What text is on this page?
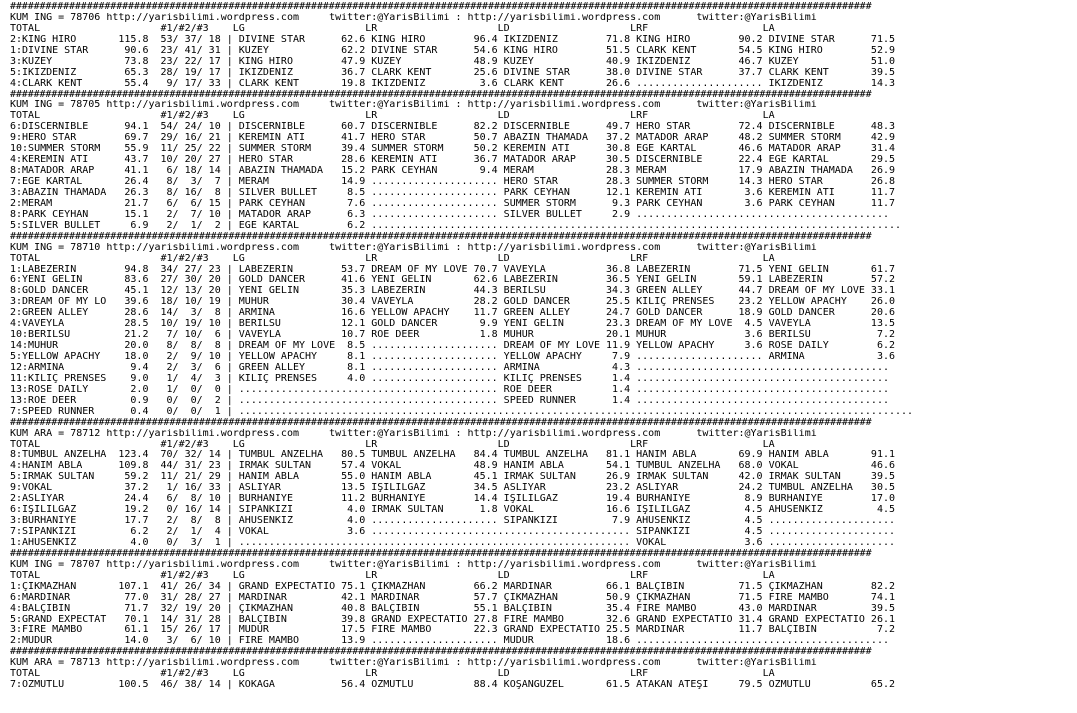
##################################################################################################################################################
KUM ING = 78706 http://yarisbilimi.wordpress.com     twitter:@YarisBilimi : http://yarisbilimi.wordpress.com      twitter:@YarisBilimi
TOTAL                    #1/#2/#3    LG                    LR                    LD                    LRF                   LA
2:KING HIRO       115.8  53/ 37/ 18 | DIVINE STAR      62.6 KING HIRO        96.4 İKİZDENİZ        71.8 KING HIRO        90.2 DIVINE STAR      71.5
1:DIVINE STAR      90.6  23/ 41/ 31 | KUZEY            62.2 DIVINE STAR      54.6 KING HIRO        51.5 CLARK KENT       54.5 KING HIRO        52.9
3:KUZEY            73.8  23/ 22/ 17 | KING HIRO        47.9 KUZEY            48.9 KUZEY            40.9 İKİZDENİZ        46.7 KUZEY            51.0
5:İKİZDENİZ        65.3  28/ 19/ 17 | İKİZDENİZ        36.7 CLARK KENT       25.6 DIVINE STAR      38.0 DIVINE STAR      37.7 CLARK KENT       39.5
4:CLARK KENT       55.4   9/ 17/ 33 | CLARK KENT       19.8 İKİZDENİZ         3.6 CLARK KENT       26.6 ..................... İKİZDENİZ        14.3
##################################################################################################################################################
KUM ING = 78705 http://yarisbilimi.wordpress.com     twitter:@YarisBilimi : http://yarisbilimi.wordpress.com      twitter:@YarisBilimi
TOTAL                    #1/#2/#3    LG                    LR                    LD                    LRF                   LA
6:DISCERNIBLE      94.1  54/ 24/ 10 | DISCERNIBLE      60.7 DISCERNIBLE      82.2 DISCERNIBLE      49.7 HERO STAR        72.4 DISCERNIBLE      48.3
9:HERO STAR        69.7  29/ 16/ 21 | KEREMİN ATI      41.7 HERO STAR        50.7 ABAZIN THAMADA   37.2 MATADOR ARAP     48.2 SUMMER STORM     42.9
10:SUMMER STORM    55.9  11/ 25/ 22 | SUMMER STORM     39.4 SUMMER STORM     50.2 KEREMİN ATI      30.8 EGE KARTAL       46.6 MATADOR ARAP     31.4
4:KEREMİN ATI      43.7  10/ 20/ 27 | HERO STAR        28.6 KEREMİN ATI      36.7 MATADOR ARAP     30.5 DISCERNIBLE      22.4 EGE KARTAL       29.5
8:MATADOR ARAP     41.1   6/ 18/ 14 | ABAZIN THAMADA   15.2 PARK CEYHAN       9.4 MERAM            28.3 MERAM            17.9 ABAZIN THAMADA   26.9
7:EGE KARTAL       26.4   8/  3/  7 | MERAM            14.9 ..................... HERO STAR        28.3 SUMMER STORM     14.3 HERO STAR        26.8
3:ABAZIN THAMADA   26.3   8/ 16/  8 | SILVER BULLET     8.5 ..................... PARK CEYHAN      12.1 KEREMİN ATI       3.6 KEREMİN ATI      11.7
2:MERAM            21.7   6/  6/ 15 | PARK CEYHAN       7.6 ..................... SUMMER STORM      9.3 PARK CEYHAN       3.6 PARK CEYHAN      11.7
8:PARK CEYHAN      15.1   2/  7/ 10 | MATADOR ARAP      6.3 ..................... SILVER BULLET     2.9 ..........................................
5:SILVER BULLET     6.9   2/  1/  2 | EGE KARTAL        6.2 ........................................................................................
##################################################################################################################################################
KUM ING = 78710 http://yarisbilimi.wordpress.com     twitter:@YarisBilimi : http://yarisbilimi.wordpress.com      twitter:@YarisBilimi
TOTAL                    #1/#2/#3    LG                    LR                    LD                    LRF                   LA
1:LABEZERIN        94.8  34/ 27/ 23 | LABEZERIN        53.7 DREAM OF MY LOVE 70.7 VAVEYLA          36.8 LABEZERIN        71.5 YENİ GELİN       61.7
6:YENİ GELİN       83.6  27/ 30/ 20 | GOLD DANCER      41.6 YENİ GELİN       62.6 LABEZERIN        36.5 YENİ GELİN       59.1 LABEZERIN        57.2
8:GOLD DANCER      45.1  12/ 13/ 20 | YENİ GELİN       35.3 LABEZERIN        44.3 BERİLSU          34.3 GREEN ALLEY      44.7 DREAM OF MY LOVE 33.1
3:DREAM OF MY LO   39.6  18/ 10/ 19 | MÜHÜR            30.4 VAVEYLA          28.2 GOLD DANCER      25.5 KILIÇ PRENSES    23.2 YELLOW APACHY    26.0
2:GREEN ALLEY      28.6  14/  3/  8 | ARMINA           16.6 YELLOW APACHY    11.7 GREEN ALLEY      24.7 GOLD DANCER      18.9 GOLD DANCER      20.6
4:VAVEYLA          28.5  10/ 19/ 10 | BERİLSU          12.1 GOLD DANCER       9.9 YENİ GELİN       23.3 DREAM OF MY LOVE  4.5 VAVEYLA          13.5
10:BERİLSU         21.2   7/ 10/  6 | VAVEYLA          10.7 ROE DEER          1.8 MÜHÜR            20.1 MÜHÜR             3.6 BERİLSU           7.2
14:MÜHÜR           20.0   8/  8/  8 | DREAM OF MY LOVE  8.5 ..................... DREAM OF MY LOVE 11.9 YELLOW APACHY     3.6 ROSE DAILY        6.2
5:YELLOW APACHY    18.0   2/  9/ 10 | YELLOW APACHY     8.1 ..................... YELLOW APACHY     7.9 ..................... ARMINA            3.6
12:ARMINA           9.4   2/  3/  6 | GREEN ALLEY       8.1 ..................... ARMINA            4.3 ..........................................
11:KILIÇ PRENSES    9.0   1/  4/  3 | KILIÇ PRENSES     4.0 ..................... KILIÇ PRENSES     1.4 ..........................................
13:ROSE DAILY       2.0   1/  0/  0 | ........................................... ROE DEER          1.4 ..........................................
13:ROE DEER         0.9   0/  0/  2 | ........................................... SPEED RUNNER      1.4 ..........................................
7:SPEED RUNNER      0.4   0/  0/  1 | ................................................................................................................
##################################################################################################################################################
KUM ARA = 78712 http://yarisbilimi.wordpress.com     twitter:@YarisBilimi : http://yarisbilimi.wordpress.com      twitter:@YarisBilimi
TOTAL                    #1/#2/#3    LG                    LR                    LD                    LRF                   LA
8:TUMBUL ANZELHA  123.4  70/ 32/ 14 | TUMBUL ANZELHA   80.5 TUMBUL ANZELHA   84.4 TUMBUL ANZELHA   81.1 HANIM ABLA       69.9 HANIM ABLA       91.1
4:HANIM ABLA      109.8  44/ 31/ 23 | IRMAK SULTAN     57.4 VOKAL            48.9 HANIM ABLA       54.1 TUMBUL ANZELHA   68.0 VOKAL            46.6
5:IRMAK SULTAN     59.2  11/ 21/ 29 | HANIM ABLA       55.0 HANIM ABLA       45.1 IRMAK SULTAN     26.9 IRMAK SULTAN     42.0 IRMAK SULTAN     39.5
9:VOKAL            37.2   1/ 16/ 33 | ASLIYAR          13.5 IŞILILGAZ        34.5 ASLIYAR          23.2 ASLIYAR          24.2 TUMBUL ANZELHA   30.5
2:ASLIYAR          24.4   6/  8/ 10 | BURHANİYE        11.2 BURHANİYE        14.4 IŞILILGAZ        19.4 BURHANİYE         8.9 BURHANİYE        17.0
6:IŞILILGAZ        19.2   0/ 16/ 14 | SİPANKIZI         4.0 IRMAK SULTAN      1.8 VOKAL            16.6 IŞILILGAZ         4.5 AHUSENKIZ         4.5
3:BURHANİYE        17.7   2/  8/  8 | AHUSENKIZ         4.0 ..................... SİPANKIZI         7.9 AHUSENKIZ         4.5 .....................
7:SİPANKIZI         6.2   2/  1/  4 | VOKAL             3.6 ........................................... SİPANKIZI         4.5 .....................
1:AHUSENKIZ         4.0   0/  3/  1 | ................................................................. VOKAL             3.6 .....................
##################################################################################################################################################
KUM ING = 78707 http://yarisbilimi.wordpress.com     twitter:@YarisBilimi : http://yarisbilimi.wordpress.com      twitter:@YarisBilimi
TOTAL                    #1/#2/#3    LG                    LR                    LD                    LRF                   LA
1:ÇIKMAZHAN       107.1  41/ 26/ 34 | GRAND EXPECTATIO 75.1 ÇIKMAZHAN        66.2 MARDINAR         66.1 BALÇIBİN         71.5 ÇIKMAZHAN        82.2
6:MARDINAR         77.0  31/ 28/ 27 | MARDINAR         42.1 MARDINAR         57.7 ÇIKMAZHAN        50.9 ÇIKMAZHAN        71.5 FIRE MAMBO       74.1
4:BALÇIBİN         71.7  32/ 19/ 20 | ÇIKMAZHAN        40.8 BALÇIBİN         55.1 BALÇIBİN         35.4 FIRE MAMBO       43.0 MARDINAR         39.5
5:GRAND EXPECTAT   70.1  14/ 31/ 28 | BALÇIBİN         39.8 GRAND EXPECTATIO 27.8 FIRE MAMBO       32.6 GRAND EXPECTATIO 31.4 GRAND EXPECTATIO 26.1
3:FIRE MAMBO       61.1  15/ 26/ 17 | MÜDÜR            17.5 FIRE MAMBO       22.3 GRAND EXPECTATIO 25.5 MARDINAR         11.7 BALÇIBİN          7.2
2:MÜDÜR            14.0   3/  6/ 10 | FIRE MAMBO       13.9 ..................... MÜDÜR            18.6 ..........................................
##################################################################################################################################################
KUM ARA = 78713 http://yarisbilimi.wordpress.com     twitter:@YarisBilimi : http://yarisbilimi.wordpress.com      twitter:@YarisBilimi
TOTAL                    #1/#2/#3    LG                    LR                    LD                    LRF                   LA
7:ÖZMUTLU         100.5  46/ 38/ 14 | KOKAĞA           56.4 ÖZMUTLU          88.4 KOŞANGÜZEL       61.5 ATAKAN ATEŞİ     79.5 ÖZMUTLU          65.2
